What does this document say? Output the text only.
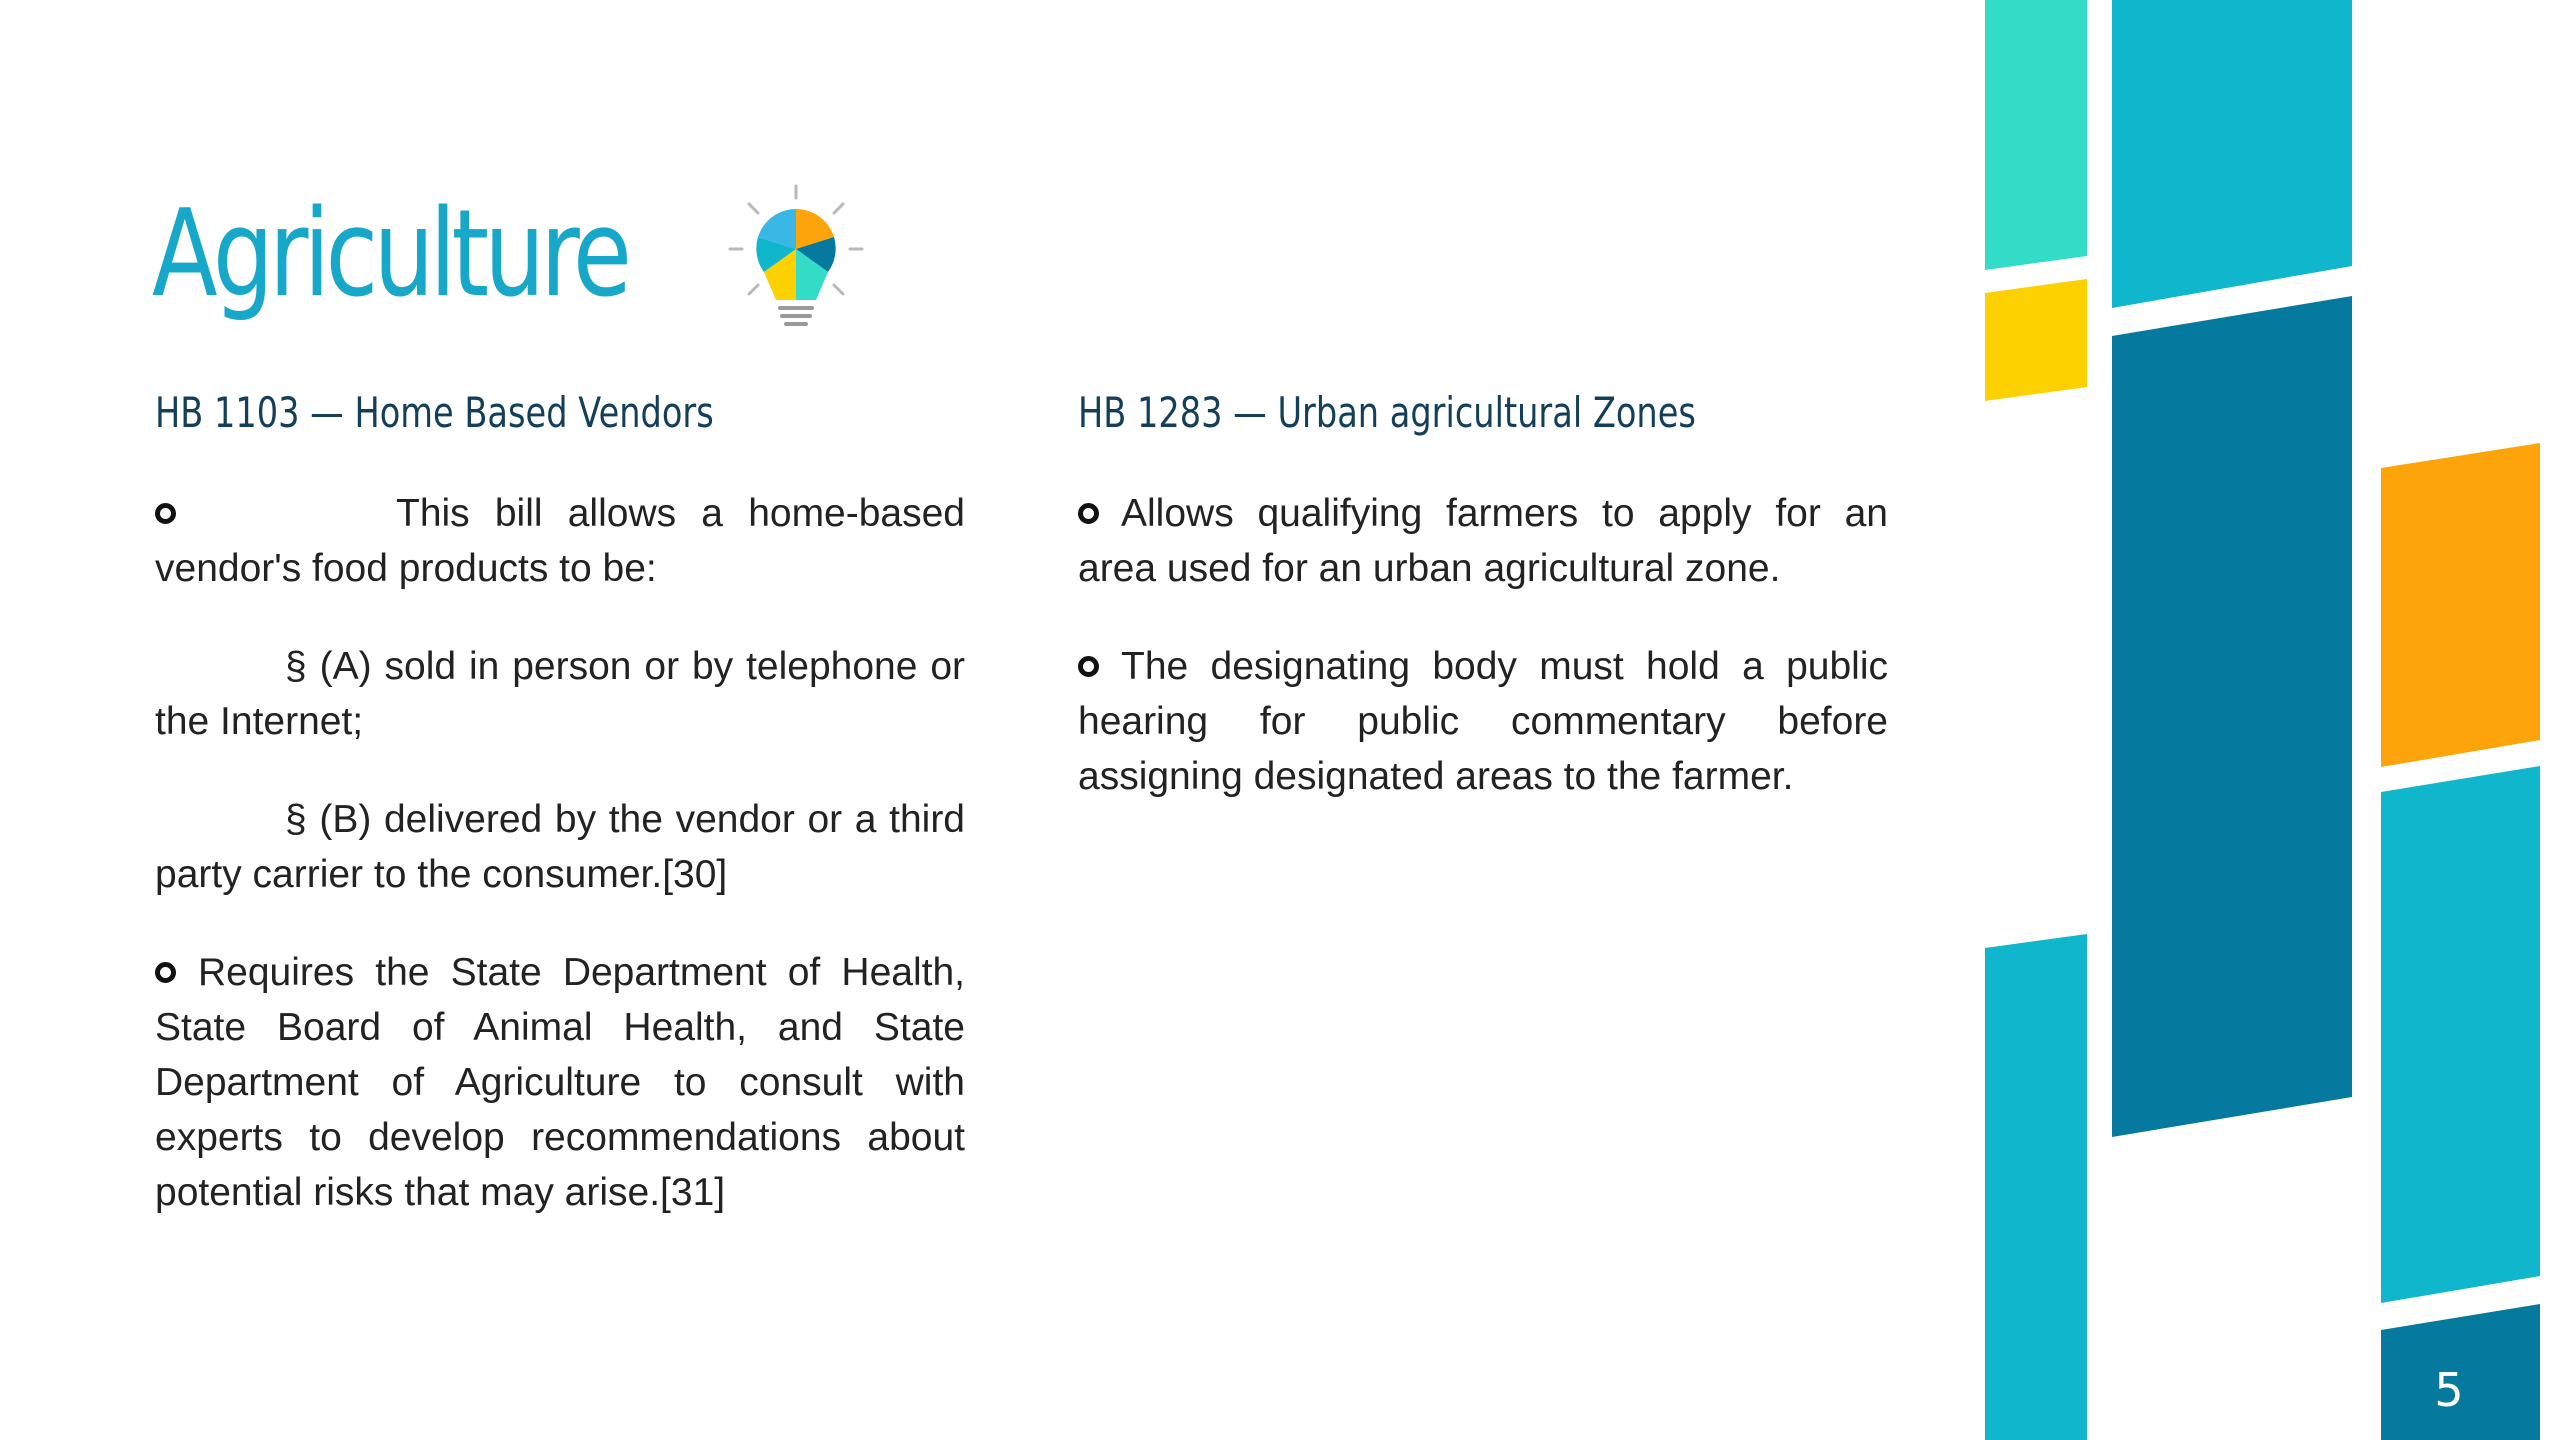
Agriculture
HB 1103 — Home Based Vendors

This bill allows a home-based vendor's food products to be:

§ (A) sold in person or by telephone or the Internet;

§ (B) delivered by the vendor or a third party carrier to the consumer.[30]

Requires the State Department of Health, State Board of Animal Health, and State Department of Agriculture to consult with experts to develop recommendations about potential risks that may arise.[31]

HB 1283 — Urban agricultural Zones

Allows qualifying farmers to apply for an area used for an urban agricultural zone.

The designating body must hold a public hearing for public commentary before assigning designated areas to the farmer.

5
